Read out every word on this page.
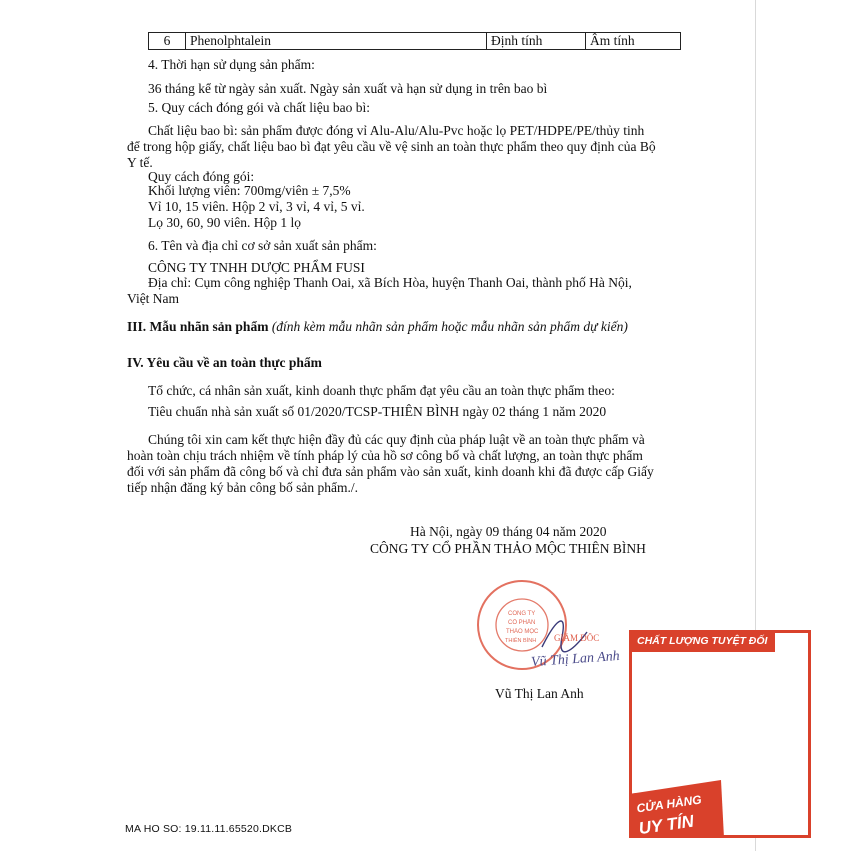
6	Phenolphtalein	Định tính	Âm tính
4. Thời hạn sử dụng sản phẩm:
36 tháng kể từ ngày sản xuất. Ngày sản xuất và hạn sử dụng in trên bao bì
5. Quy cách đóng gói và chất liệu bao bì:
Chất liệu bao bì: sản phẩm được đóng vỉ Alu-Alu/Alu-Pvc hoặc lọ PET/HDPE/PE/thủy tinh
để trong hộp giấy, chất liệu bao bì đạt yêu cầu về vệ sinh an toàn thực phẩm theo quy định của Bộ
Y tế.
Quy cách đóng gói:
Khối lượng viên: 700mg/viên ± 7,5%
Vỉ 10, 15 viên. Hộp 2 vỉ, 3 vỉ, 4 vỉ, 5 vỉ.
Lọ 30, 60, 90 viên. Hộp 1 lọ
6. Tên và địa chỉ cơ sở sản xuất sản phẩm:
CÔNG TY TNHH DƯỢC PHẨM FUSI
Địa chỉ: Cụm công nghiệp Thanh Oai, xã Bích Hòa, huyện Thanh Oai, thành phố Hà Nội,
Việt Nam
III. Mẫu nhãn sản phẩm (đính kèm mẫu nhãn sản phẩm hoặc mẫu nhãn sản phẩm dự kiến)
IV. Yêu cầu về an toàn thực phẩm
Tổ chức, cá nhân sản xuất, kinh doanh thực phẩm đạt yêu cầu an toàn thực phẩm theo:
Tiêu chuẩn nhà sản xuất số 01/2020/TCSP-THIÊN BÌNH ngày 02 tháng 1 năm 2020
Chúng tôi xin cam kết thực hiện đầy đủ các quy định của pháp luật về an toàn thực phẩm và
hoàn toàn chịu trách nhiệm về tính pháp lý của hồ sơ công bố và chất lượng, an toàn thực phẩm
đối với sản phẩm đã công bố và chỉ đưa sản phẩm vào sản xuất, kinh doanh khi đã được cấp Giấy
tiếp nhận đăng ký bản công bố sản phẩm./.
Hà Nội, ngày 09 tháng 04 năm 2020
CÔNG TY CỔ PHẦN THẢO MỘC THIÊN BÌNH
CÔNG TY
CỔ PHẦN
THẢO MỘC
THIÊN BÌNH GIÁM ĐỐC
Vũ Thị Lan Anh
Vũ Thị Lan Anh
MA HO SO: 19.11.11.65520.DKCB
CHẤT LƯỢNG TUYỆT ĐỐI
CỬA HÀNG
UY TÍN
